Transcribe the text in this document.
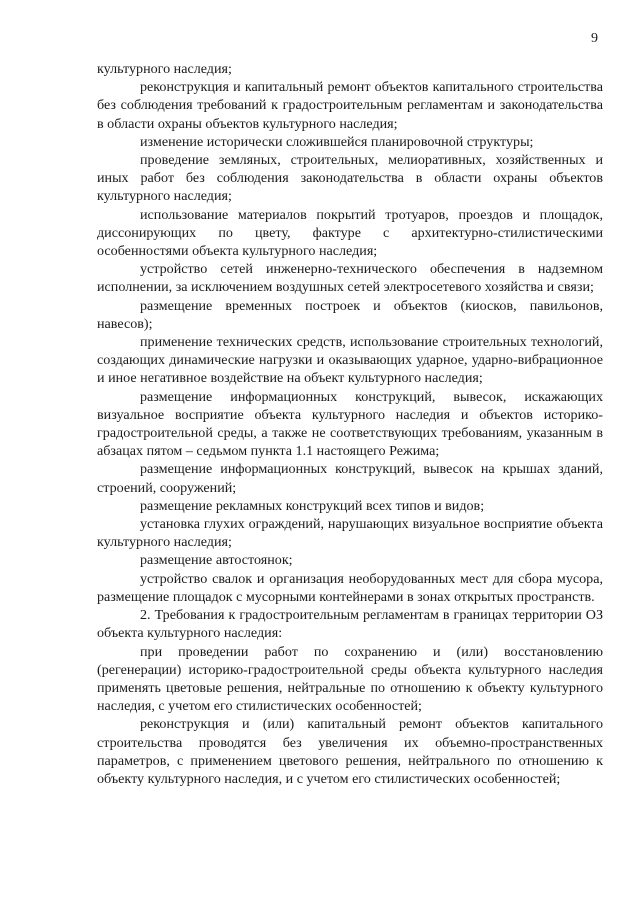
9

культурного наследия;

реконструкция и капитальный ремонт объектов капитального строительства без соблюдения требований к градостроительным регламентам и законодательства в области охраны объектов культурного наследия;

изменение исторически сложившейся планировочной структуры;

проведение земляных, строительных, мелиоративных, хозяйственных и иных работ без соблюдения законодательства в области охраны объектов культурного наследия;

использование материалов покрытий тротуаров, проездов и площадок, диссонирующих по цвету, фактуре с архитектурно-стилистическими особенностями объекта культурного наследия;

устройство сетей инженерно-технического обеспечения в надземном исполнении, за исключением воздушных сетей электросетевого хозяйства и связи;

размещение временных построек и объектов (киосков, павильонов, навесов);

применение технических средств, использование строительных технологий, создающих динамические нагрузки и оказывающих ударное, ударно-вибрационное и иное негативное воздействие на объект культурного наследия;

размещение информационных конструкций, вывесок, искажающих визуальное восприятие объекта культурного наследия и объектов историко-градостроительной среды, а также не соответствующих требованиям, указанным в абзацах пятом – седьмом пункта 1.1 настоящего Режима;

размещение информационных конструкций, вывесок на крышах зданий, строений, сооружений;

размещение рекламных конструкций всех типов и видов;

установка глухих ограждений, нарушающих визуальное восприятие объекта культурного наследия;

размещение автостоянок;

устройство свалок и организация необорудованных мест для сбора мусора, размещение площадок с мусорными контейнерами в зонах открытых пространств.

2. Требования к градостроительным регламентам в границах территории ОЗ объекта культурного наследия:

при проведении работ по сохранению и (или) восстановлению (регенерации) историко-градостроительной среды объекта культурного наследия применять цветовые решения, нейтральные по отношению к объекту культурного наследия, с учетом его стилистических особенностей;

реконструкция и (или) капитальный ремонт объектов капитального строительства проводятся без увеличения их объемно-пространственных параметров, с применением цветового решения, нейтрального по отношению к объекту культурного наследия, и с учетом его стилистических особенностей;
